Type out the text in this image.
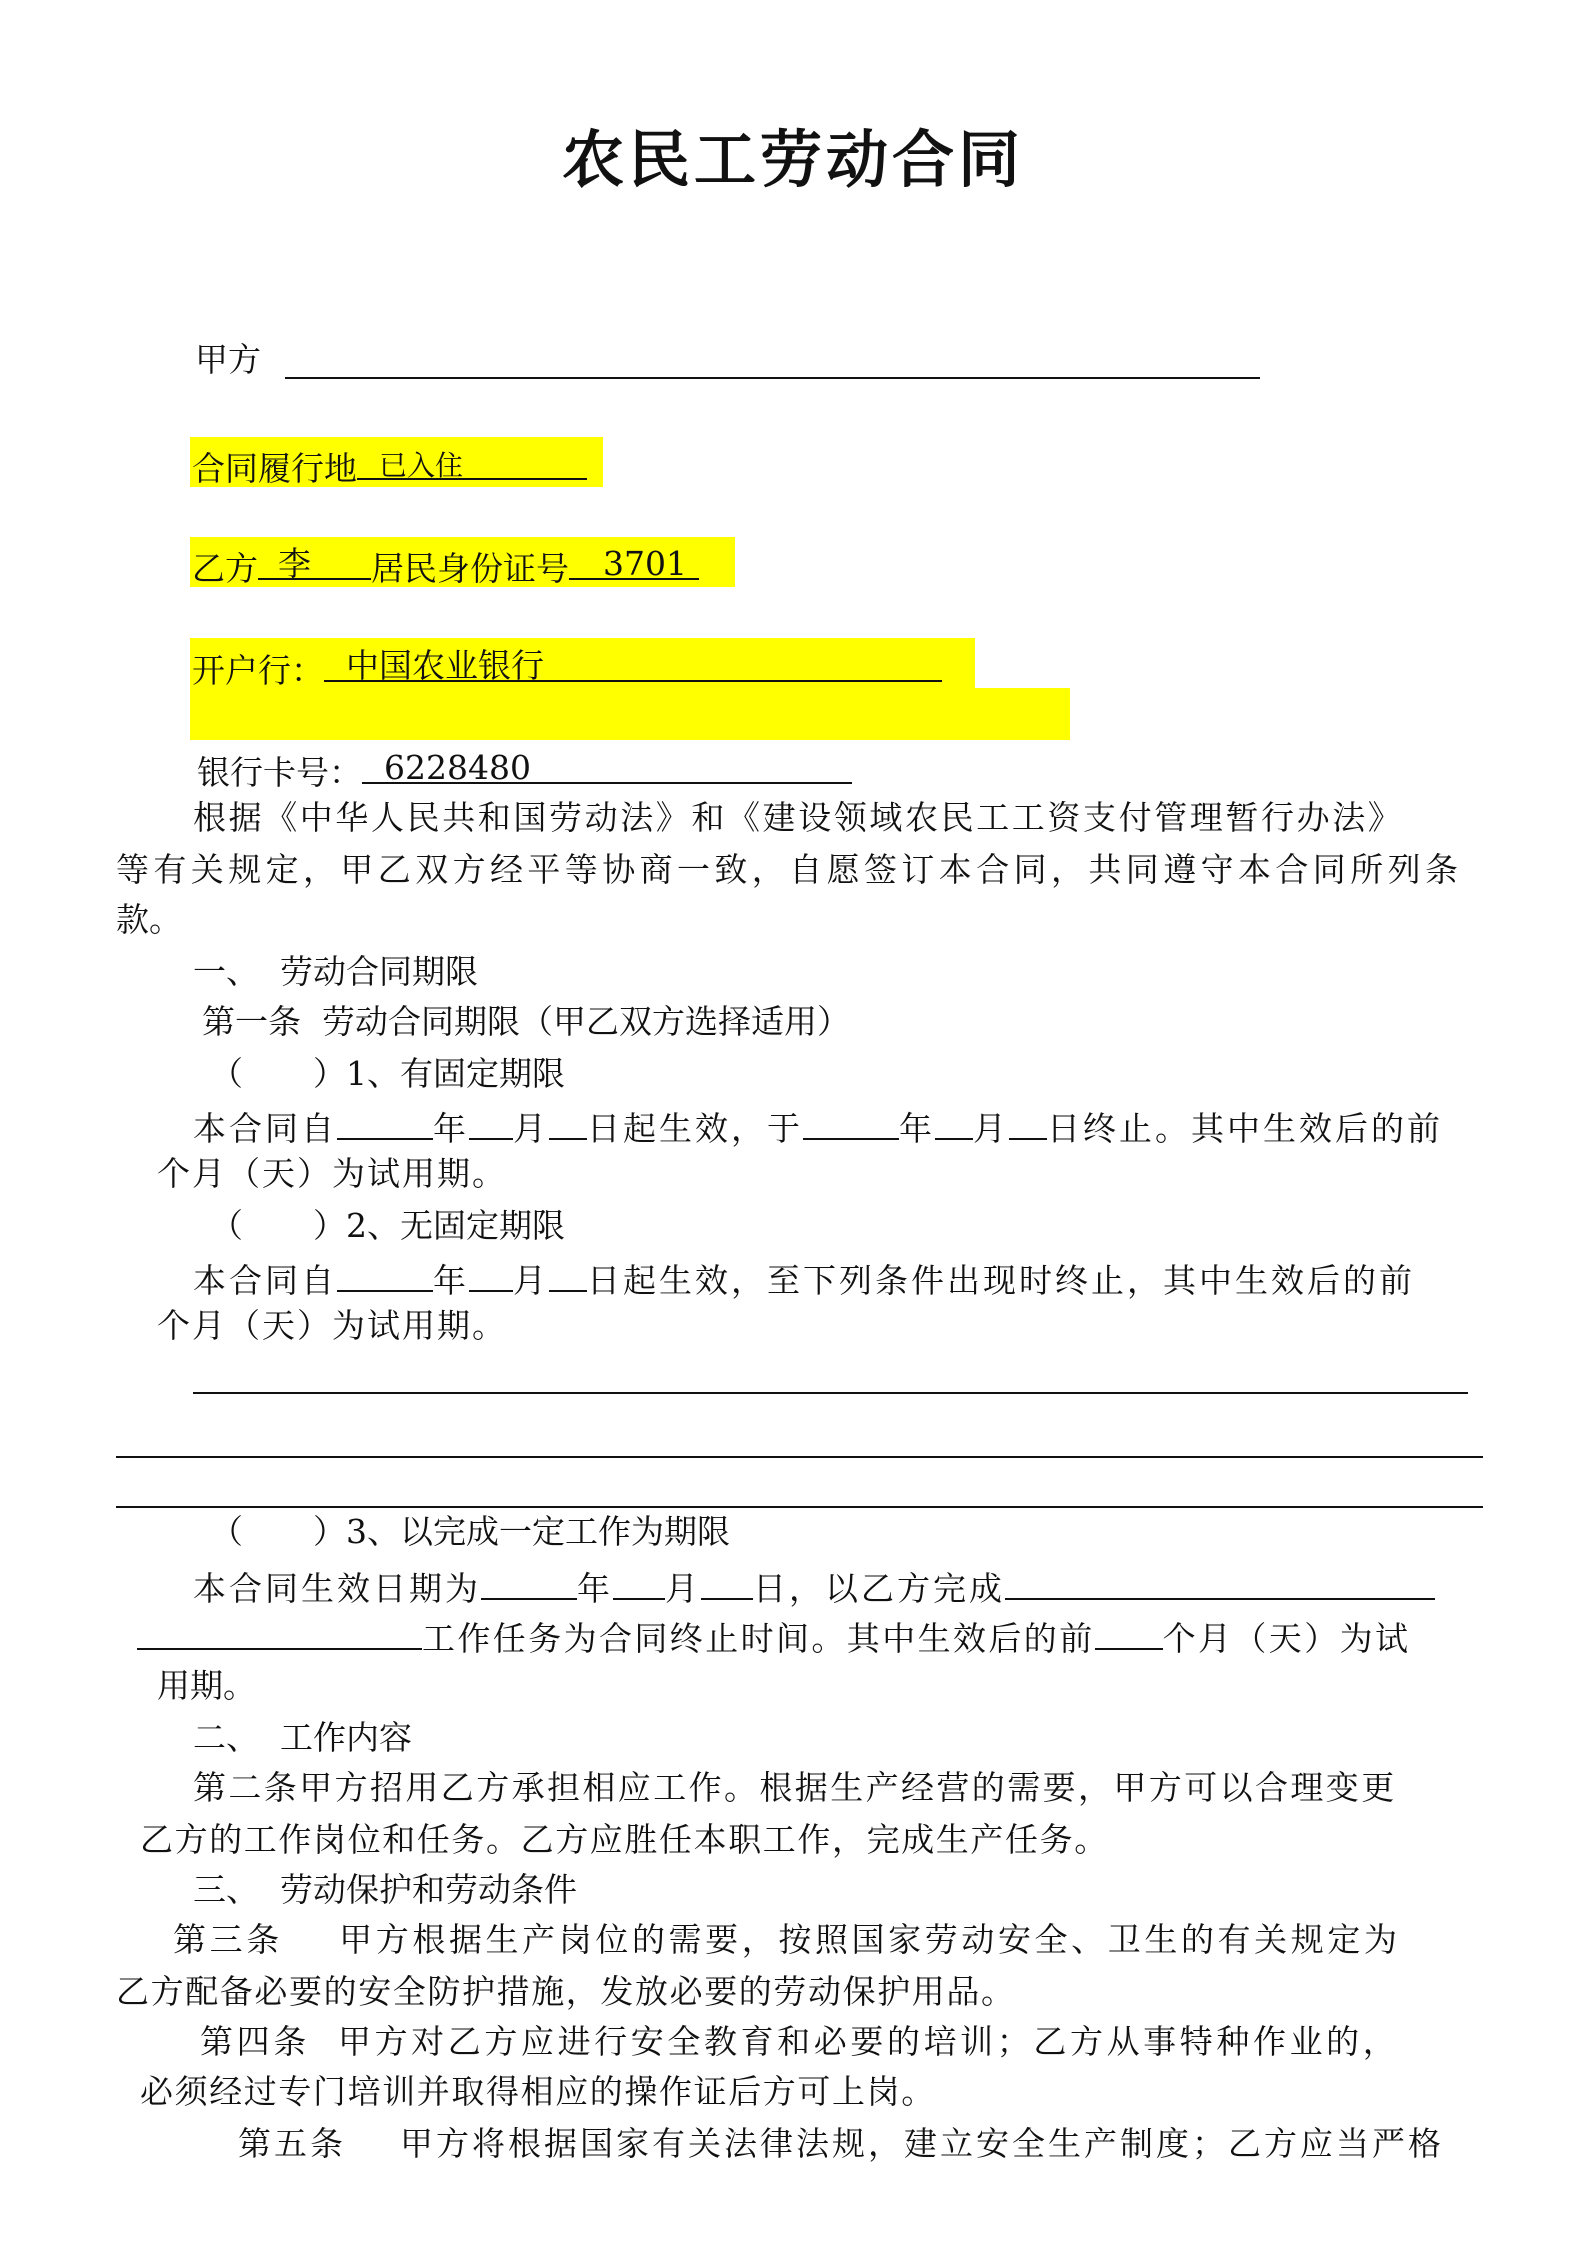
农民工劳动合同
甲方
合同履行地 已入住
乙方 李 居民身份证号 3701
开户行： 中国农业银行
银行卡号： 6228480
根据《中华人民共和国劳动法》和《建设领域农民工工资支付管理暂行办法》
等有关规定，甲乙双方经平等协商一致，自愿签订本合同，共同遵守本合同所列条
款。
一、  劳动合同期限
第一条  劳动合同期限（甲乙双方选择适用）
（ ）1、有固定期限
本合同自	年 月 日起生效，于	年 月 日终止。其中生效后的前
个月（天）为试用期。
（ ）2、无固定期限
本合同自	年 月 日起生效，至下列条件出现时终止，其中生效后的前
个月（天）为试用期。
（ ）3、以完成一定工作为期限
本合同生效日期为	年 月 日，以乙方完成
工作任务为合同终止时间。其中生效后的前 个月（天）为试
用期。
二、  工作内容
第二条甲方招用乙方承担相应工作。根据生产经营的需要，甲方可以合理变更
乙方的工作岗位和任务。乙方应胜任本职工作，完成生产任务。
三、  劳动保护和劳动条件
第三条    甲方根据生产岗位的需要，按照国家劳动安全、卫生的有关规定为
乙方配备必要的安全防护措施，发放必要的劳动保护用品。
第四条  甲方对乙方应进行安全教育和必要的培训；乙方从事特种作业的，
必须经过专门培训并取得相应的操作证后方可上岗。
第五条    甲方将根据国家有关法律法规，建立安全生产制度；乙方应当严格
